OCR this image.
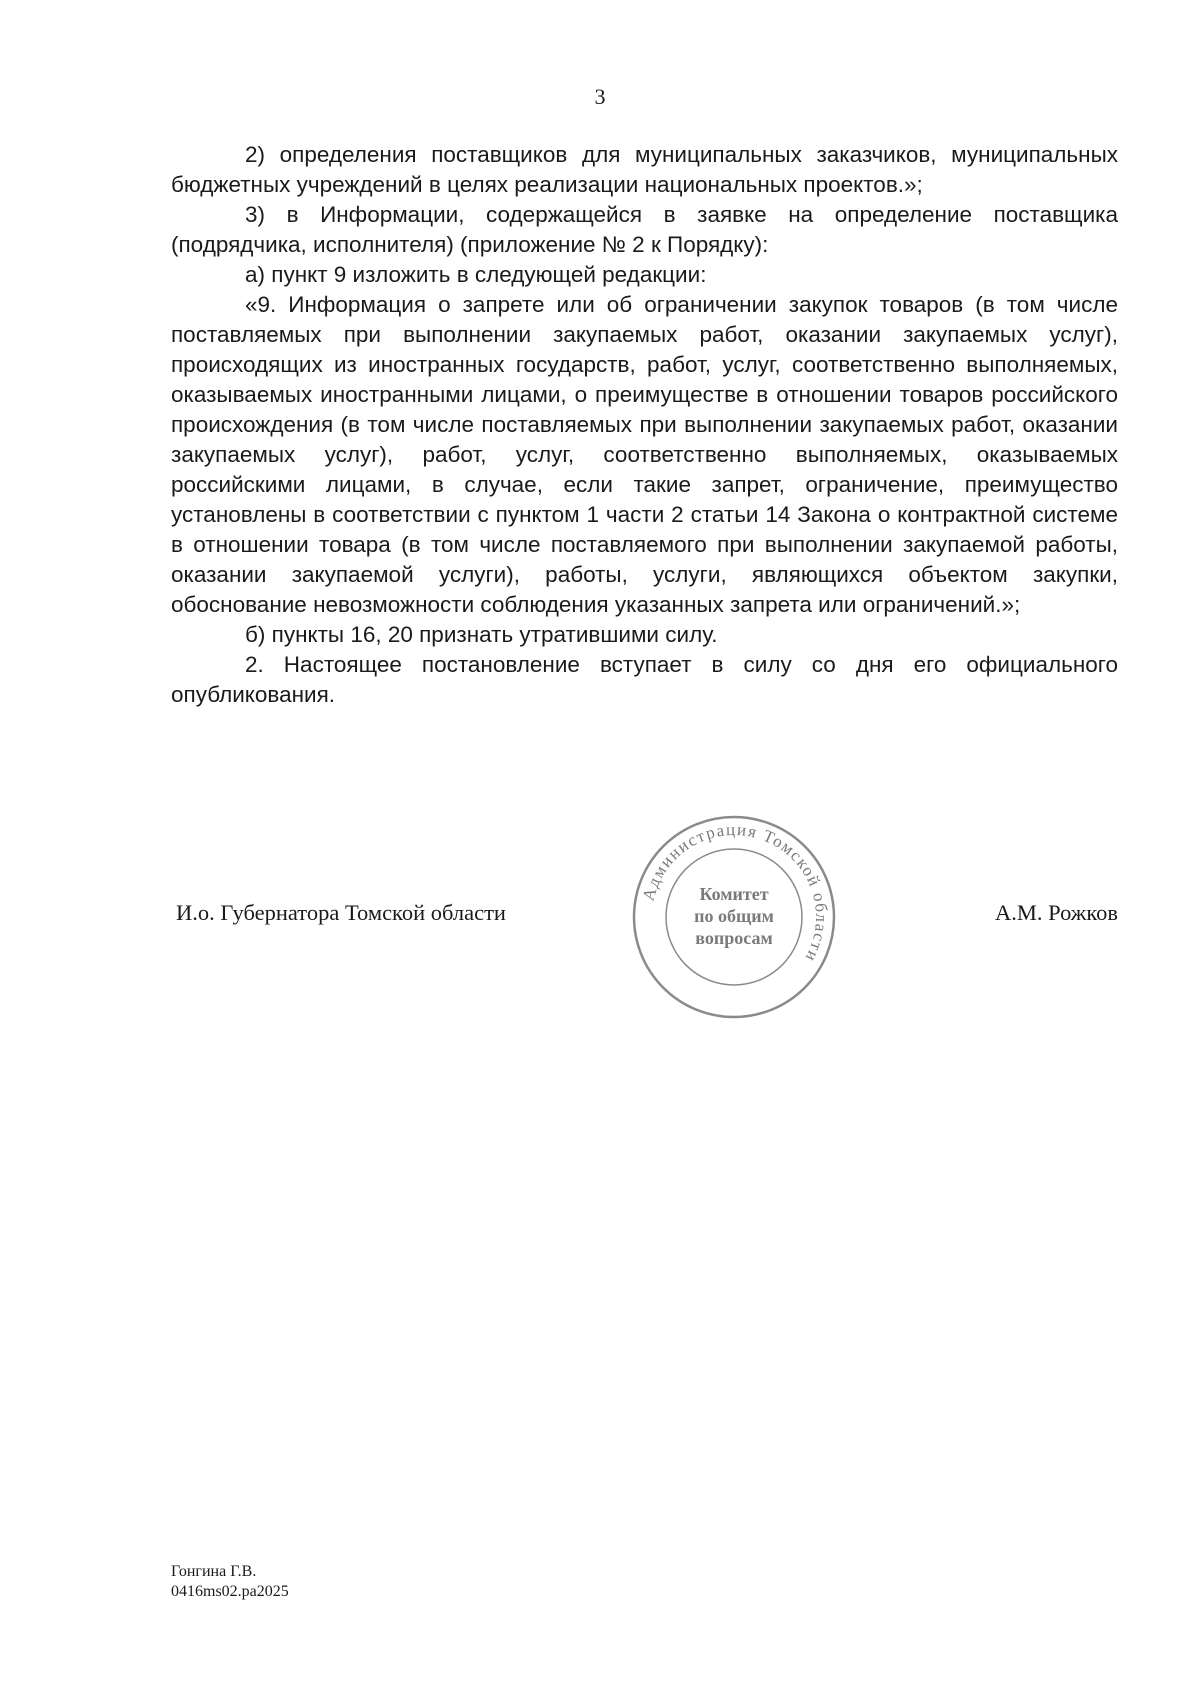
3

2) определения поставщиков для муниципальных заказчиков, муниципальных бюджетных учреждений в целях реализации национальных проектов.»;

3) в Информации, содержащейся в заявке на определение поставщика (подрядчика, исполнителя) (приложение № 2 к Порядку):

а) пункт 9 изложить в следующей редакции:

«9. Информация о запрете или об ограничении закупок товаров (в том числе поставляемых при выполнении закупаемых работ, оказании закупаемых услуг), происходящих из иностранных государств, работ, услуг, соответственно выполняемых, оказываемых иностранными лицами, о преимуществе в отношении товаров российского происхождения (в том числе поставляемых при выполнении закупаемых работ, оказании закупаемых услуг), работ, услуг, соответственно выполняемых, оказываемых российскими лицами, в случае, если такие запрет, ограничение, преимущество установлены в соответствии с пунктом 1 части 2 статьи 14 Закона о контрактной системе в отношении товара (в том числе поставляемого при выполнении закупаемой работы, оказании закупаемой услуги), работы, услуги, являющихся объектом закупки, обоснование невозможности соблюдения указанных запрета или ограничений.»;

б) пункты 16, 20 признать утратившими силу.

2. Настоящее постановление вступает в силу со дня его официального опубликования.

И.о. Губернатора Томской области	А.М. Рожков
Администрация Томской области
Комитет
по общим
вопросам
Гонгина Г.В.
0416ms02.pa2025
